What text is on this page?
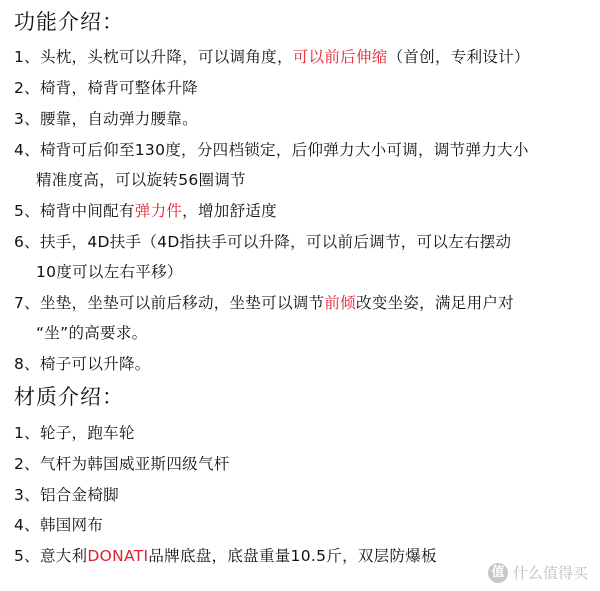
功能介绍：
1、头枕，头枕可以升降，可以调角度，可以前后伸缩（首创，专利设计）
2、椅背，椅背可整体升降
3、腰靠，自动弹力腰靠。
4、椅背可后仰至130度，分四档锁定，后仰弹力大小可调，调节弹力大小
精准度高，可以旋转56圈调节
5、椅背中间配有弹力件，增加舒适度
6、扶手，4D扶手（4D指扶手可以升降，可以前后调节，可以左右摆动
10度可以左右平移）
7、坐垫，坐垫可以前后移动，坐垫可以调节前倾改变坐姿，满足用户对
“坐”的高要求。
8、椅子可以升降。
材质介绍：
1、轮子，跑车轮
2、气杆为韩国威亚斯四级气杆
3、铝合金椅脚
4、韩国网布
5、意大利DONATI品牌底盘，底盘重量10.5斤，双层防爆板
值 什么值得买
